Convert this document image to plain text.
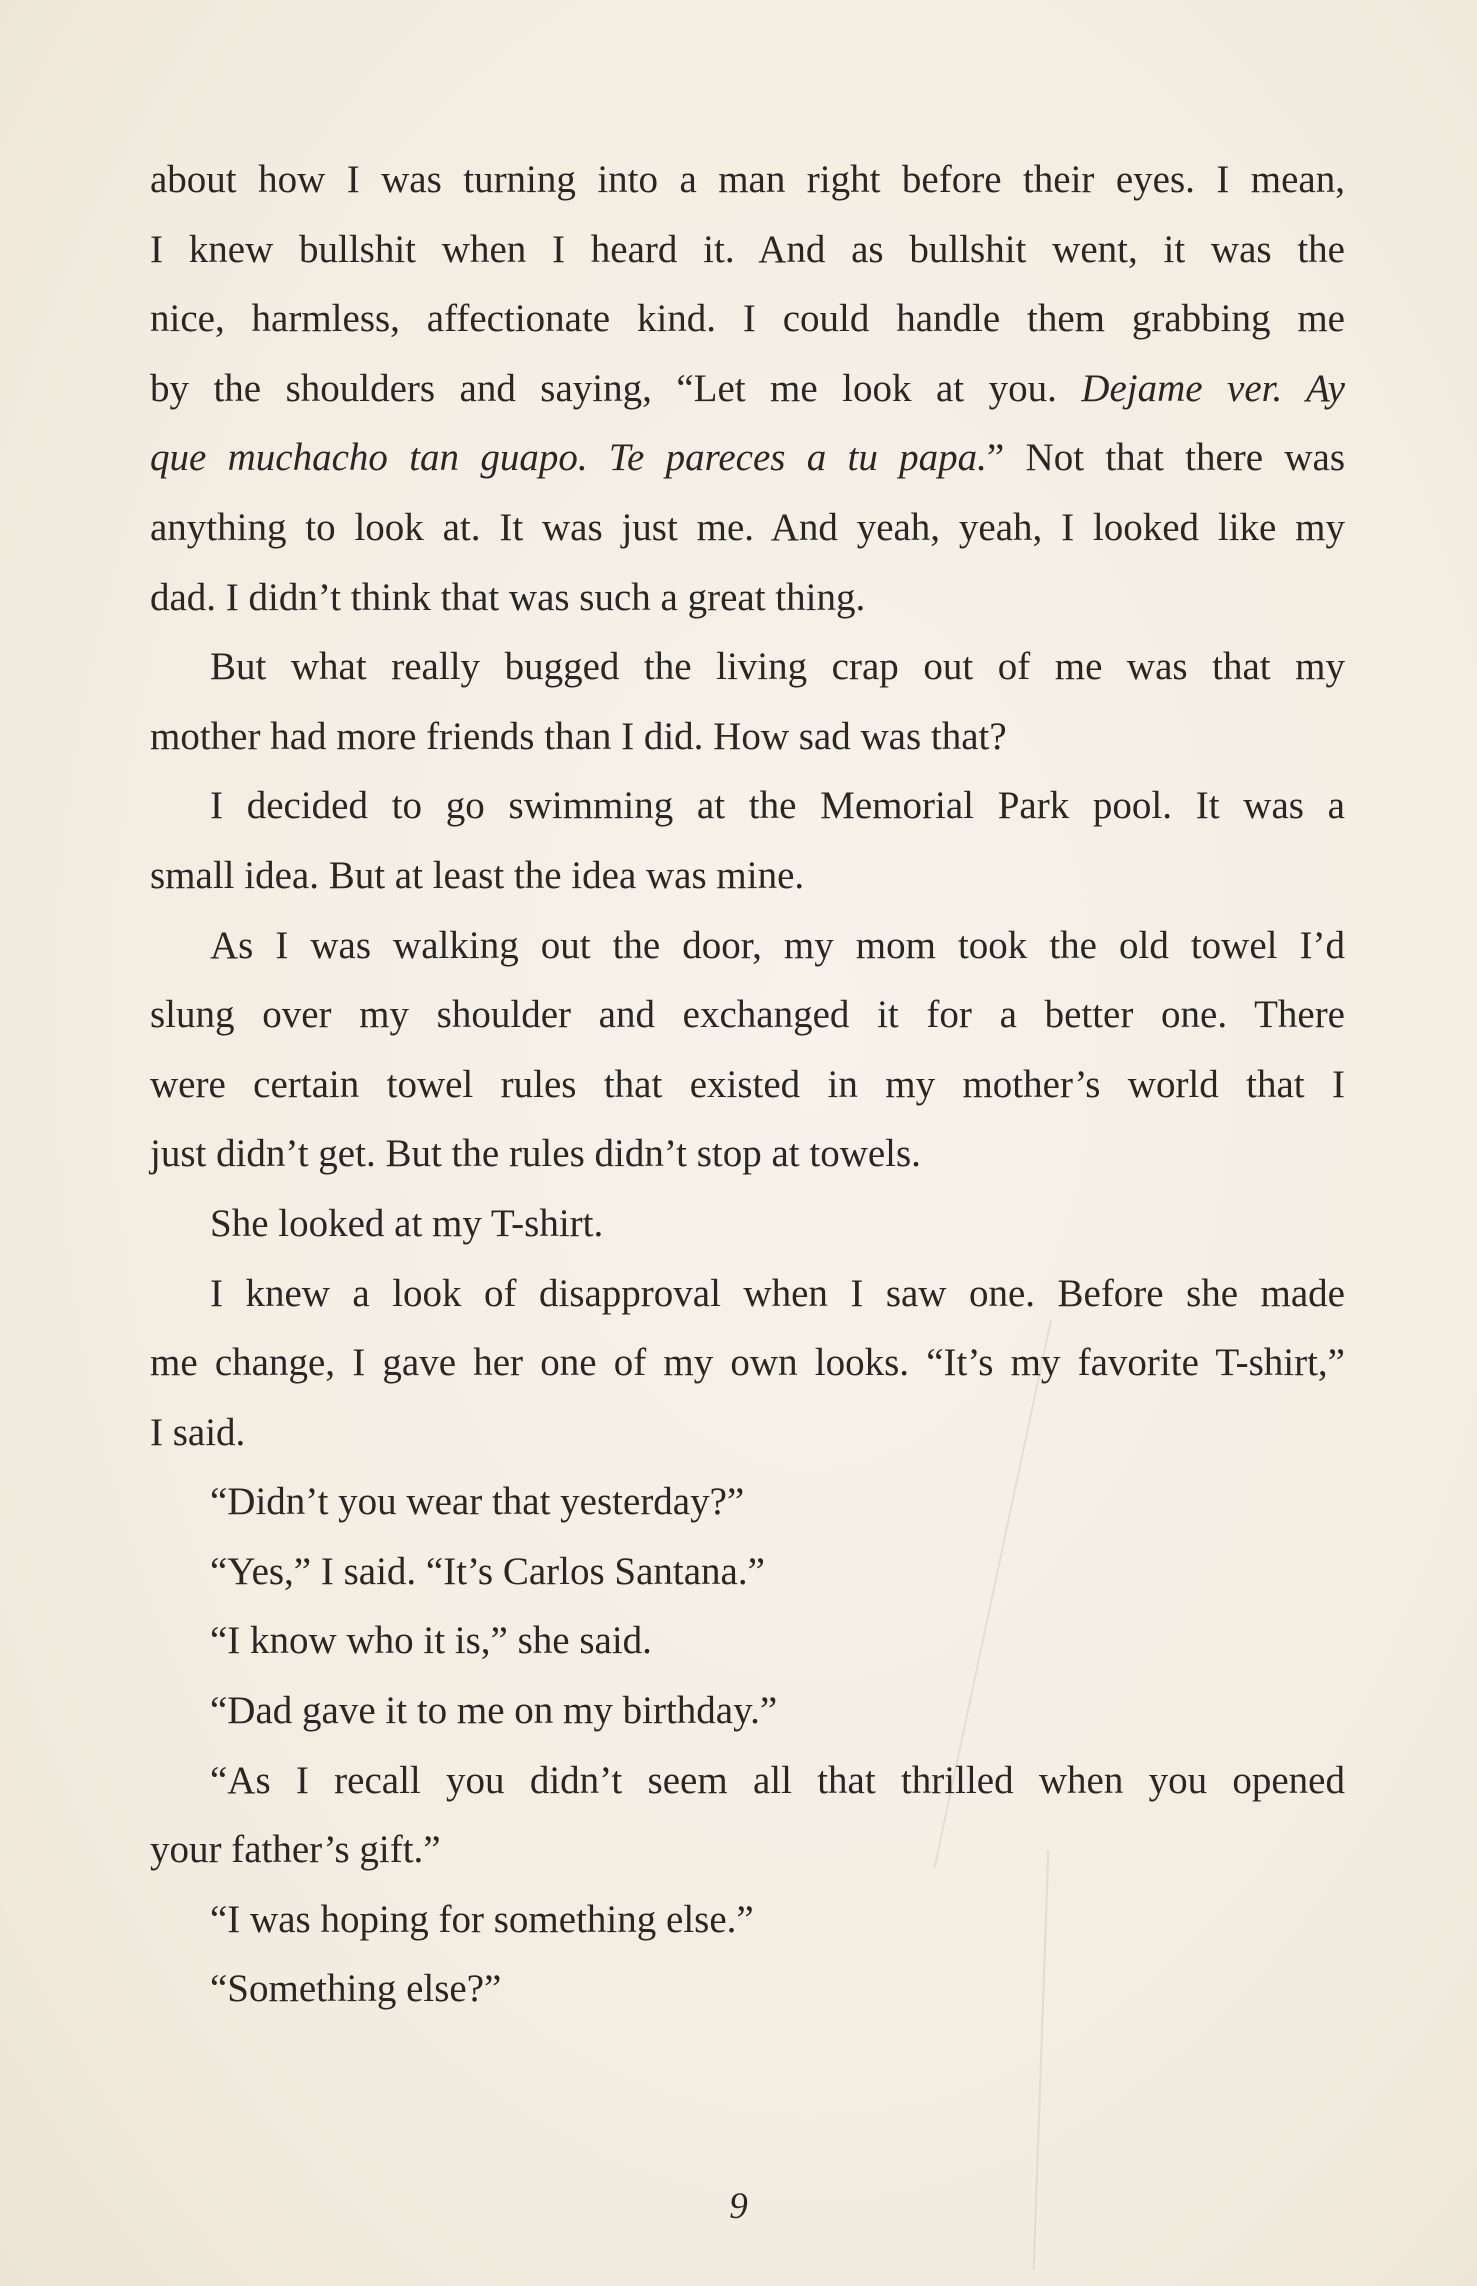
about how I was turning into a man right before their eyes. I mean,
I knew bullshit when I heard it. And as bullshit went, it was the
nice, harmless, affectionate kind. I could handle them grabbing me
by the shoulders and saying, “Let me look at you. Dejame ver. Ay
que muchacho tan guapo. Te pareces a tu papa.” Not that there was
anything to look at. It was just me. And yeah, yeah, I looked like my
dad. I didn’t think that was such a great thing.
But what really bugged the living crap out of me was that my
mother had more friends than I did. How sad was that?
I decided to go swimming at the Memorial Park pool. It was a
small idea. But at least the idea was mine.
As I was walking out the door, my mom took the old towel I’d
slung over my shoulder and exchanged it for a better one. There
were certain towel rules that existed in my mother’s world that I
just didn’t get. But the rules didn’t stop at towels.
She looked at my T-shirt.
I knew a look of disapproval when I saw one. Before she made
me change, I gave her one of my own looks. “It’s my favorite T-shirt,”
I said.
“Didn’t you wear that yesterday?”
“Yes,” I said. “It’s Carlos Santana.”
“I know who it is,” she said.
“Dad gave it to me on my birthday.”
“As I recall you didn’t seem all that thrilled when you opened
your father’s gift.”
“I was hoping for something else.”
“Something else?”
9
